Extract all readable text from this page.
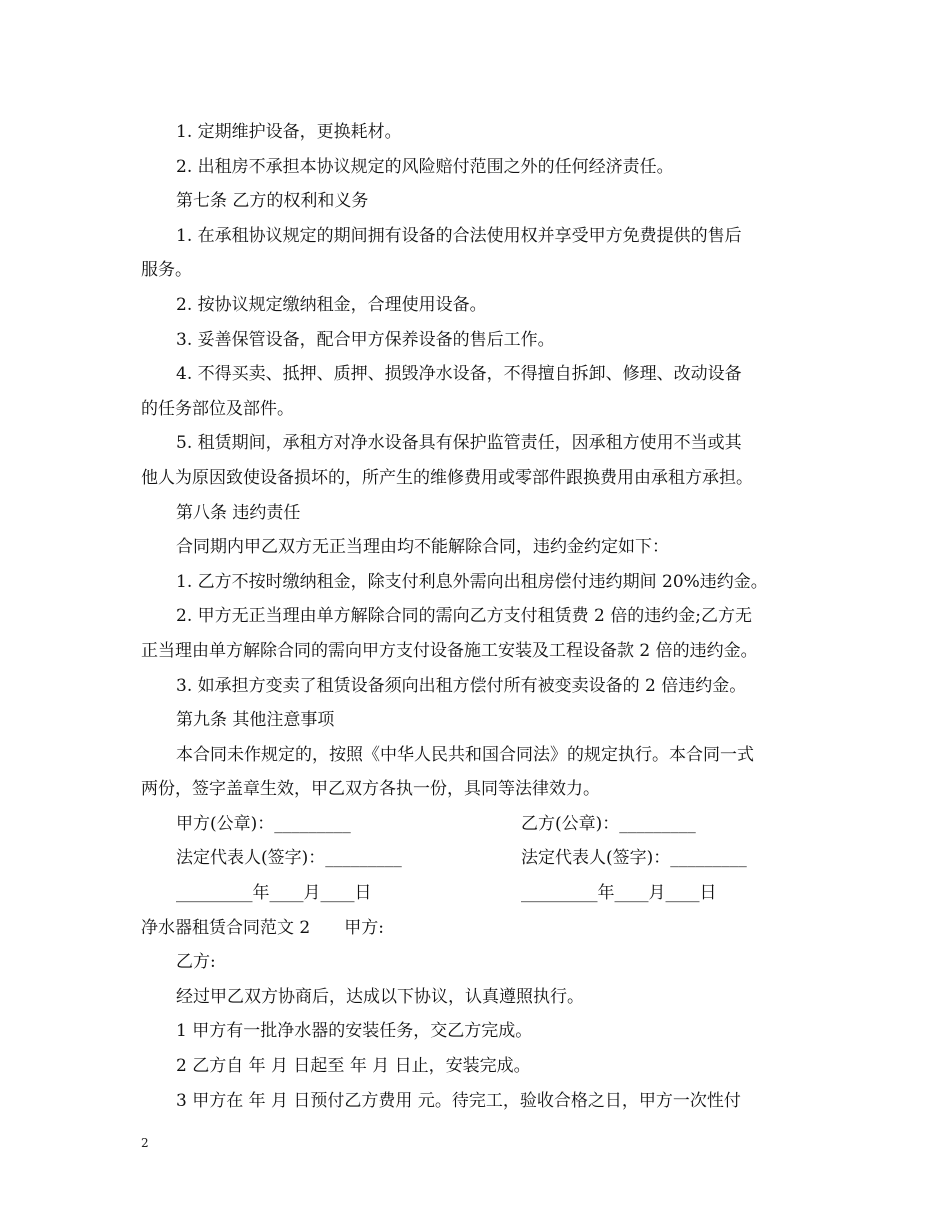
1. 定期维护设备，更换耗材。

2. 出租房不承担本协议规定的风险赔付范围之外的任何经济责任。

第七条 乙方的权利和义务

1. 在承租协议规定的期间拥有设备的合法使用权并享受甲方免费提供的售后

服务。

2. 按协议规定缴纳租金，合理使用设备。

3. 妥善保管设备，配合甲方保养设备的售后工作。

4. 不得买卖、抵押、质押、损毁净水设备，不得擅自拆卸、修理、改动设备

的任务部位及部件。

5. 租赁期间，承租方对净水设备具有保护监管责任，因承租方使用不当或其

他人为原因致使设备损坏的，所产生的维修费用或零部件跟换费用由承租方承担。

第八条 违约责任

合同期内甲乙双方无正当理由均不能解除合同，违约金约定如下：

1. 乙方不按时缴纳租金，除支付利息外需向出租房偿付违约期间 20%违约金。

2. 甲方无正当理由单方解除合同的需向乙方支付租赁费 2 倍的违约金;乙方无

正当理由单方解除合同的需向甲方支付设备施工安装及工程设备款 2 倍的违约金。

3. 如承担方变卖了租赁设备须向出租方偿付所有被变卖设备的 2 倍违约金。

第九条 其他注意事项

本合同未作规定的，按照《中华人民共和国合同法》的规定执行。本合同一式

两份，签字盖章生效，甲乙双方各执一份，具同等法律效力。

甲方(公章)：_________	乙方(公章)：_________
法定代表人(签字)：_________	法定代表人(签字)：_________
_________年____月____日	_________年____月____日

净水器租赁合同范文 2　　甲方:

乙方:

经过甲乙双方协商后，达成以下协议，认真遵照执行。

1 甲方有一批净水器的安装任务，交乙方完成。

2 乙方自 年 月 日起至 年 月 日止，安装完成。

3 甲方在 年 月 日预付乙方费用 元。待完工，验收合格之日，甲方一次性付

2
